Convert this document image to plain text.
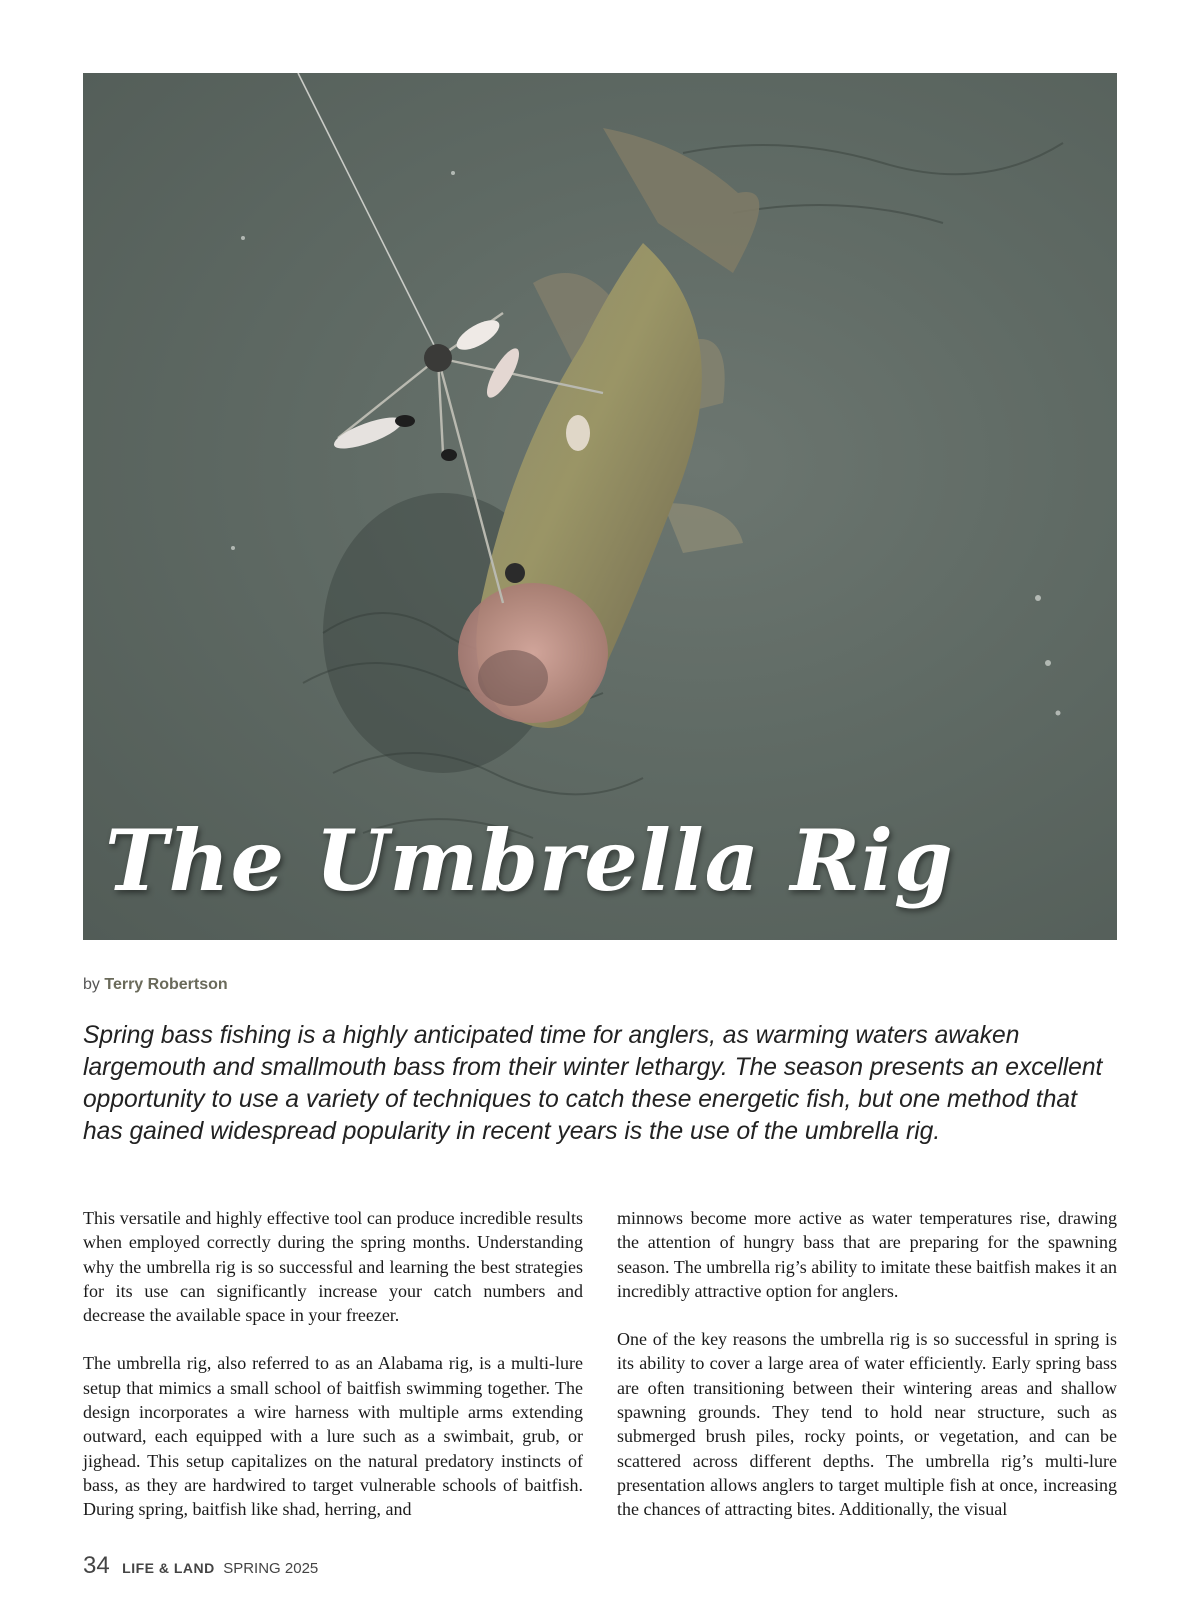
The Umbrella Rig
by Terry Robertson

Spring bass fishing is a highly anticipated time for anglers, as warming waters awaken largemouth and smallmouth bass from their winter lethargy. The season presents an excellent opportunity to use a variety of techniques to catch these energetic fish, but one method that has gained widespread popularity in recent years is the use of the umbrella rig.

This versatile and highly effective tool can produce incredible results when employed correctly during the spring months. Understanding why the umbrella rig is so successful and learning the best strategies for its use can significantly increase your catch numbers and decrease the available space in your freezer.

The umbrella rig, also referred to as an Alabama rig, is a multi-lure setup that mimics a small school of baitfish swimming together. The design incorporates a wire harness with multiple arms extending outward, each equipped with a lure such as a swimbait, grub, or jighead. This setup capitalizes on the natural predatory instincts of bass, as they are hardwired to target vulnerable schools of baitfish. During spring, baitfish like shad, herring, and

minnows become more active as water temperatures rise, drawing the attention of hungry bass that are preparing for the spawning season. The umbrella rig’s ability to imitate these baitfish makes it an incredibly attractive option for anglers.

One of the key reasons the umbrella rig is so successful in spring is its ability to cover a large area of water efficiently. Early spring bass are often transitioning between their wintering areas and shallow spawning grounds. They tend to hold near structure, such as submerged brush piles, rocky points, or vegetation, and can be scattered across different depths. The umbrella rig’s multi-lure presentation allows anglers to target multiple fish at once, increasing the chances of attracting bites. Additionally, the visual

34 LIFE & LAND SPRING 2025
